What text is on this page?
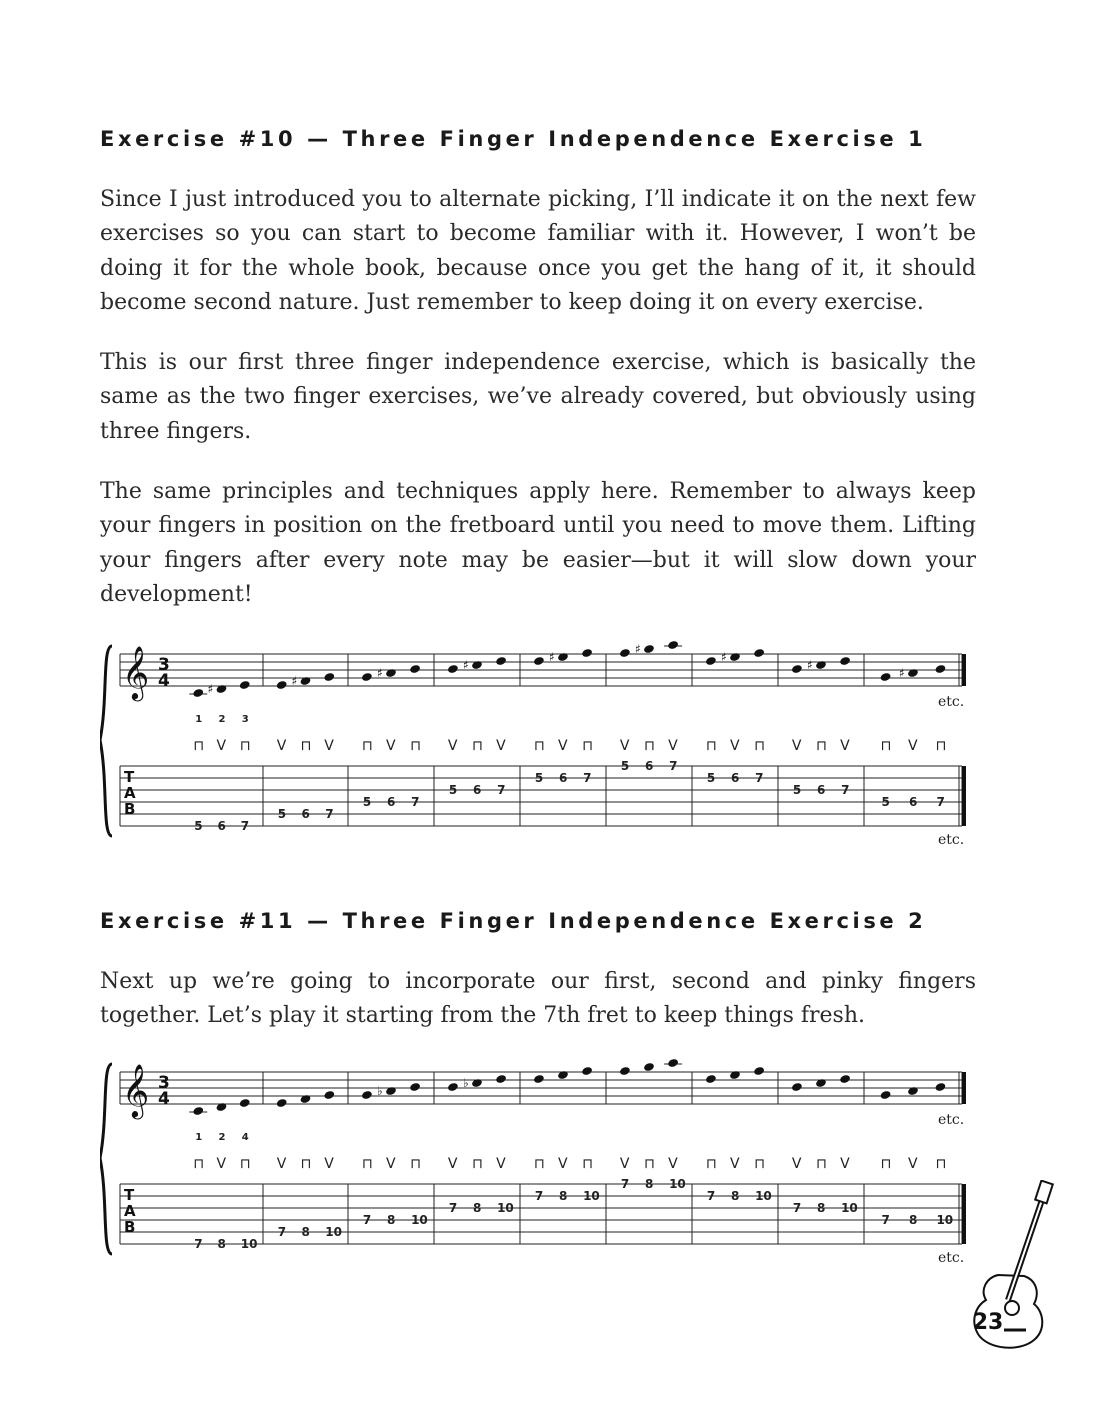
Exercise #10 — Three Finger Independence Exercise 1

Since I just introduced you to alternate picking, I’ll indicate it on the next few exercises so you can start to become familiar with it. However, I won’t be doing it for the whole book, because once you get the hang of it, it should become second nature. Just remember to keep doing it on every exercise.

This is our first three finger independence exercise, which is basically the same as the two finger exercises, we’ve already covered, but obviously using three fingers.

The same principles and techniques apply here. Remember to always keep your fingers in position on the fretboard until you need to move them. Lifting your fingers after every note may be easier—but it will slow down your development!

𝄞 3
4
T
A
B
5
⊓
1
♯
6
V
2
7
⊓
3
5
V
♯
6
⊓
7
V
5
⊓
♯
6
V
7
⊓
5
V
♯
6
⊓
7
V
5
⊓
♯
6
V
7
⊓
5
V
♯
6
⊓
7
V
5
⊓
♯
6
V
7
⊓
5
V
♯
6
⊓
7
V
5
⊓
♯
6
V
7
⊓
etc.
etc.
Exercise #11 — Three Finger Independence Exercise 2

Next up we’re going to incorporate our first, second and pinky fingers together. Let’s play it starting from the 7th fret to keep things fresh.

𝄞 3
4
T
A
B
7
⊓
1
8
V
2
10
⊓
4
7
V
8
⊓
10
V
7
⊓
♭
8
V
10
⊓
7
V
♭
8
⊓
10
V
7
⊓
8
V
10
⊓
7
V
8
⊓
10
V
7
⊓
8
V
10
⊓
7
V
8
⊓
10
V
7
⊓
8
V
10
⊓
etc.
etc.
23
